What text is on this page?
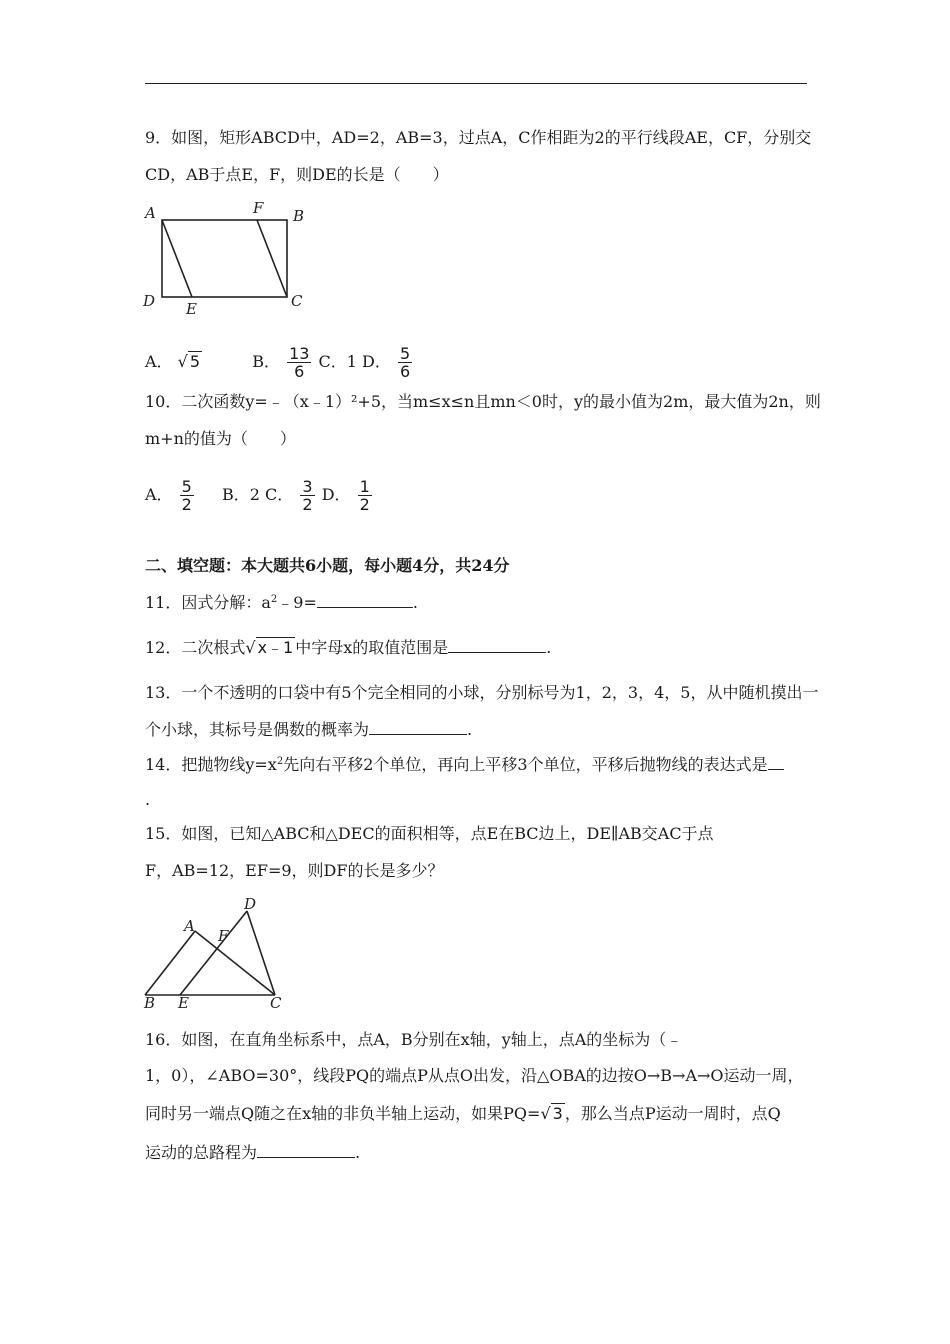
9．如图，矩形ABCD中，AD=2，AB=3，过点A，C作相距为2的平行线段AE，CF，分别交
CD，AB于点E，F，则DE的长是（　　）
A	F B
D E	C
A． √ 5	B． $\frac{13}{6}$ C．1 D． $\frac{5}{6}$
10．二次函数y=﹣（x﹣1）²+5，当m≤x≤n且mn＜0时，y的最小值为2m，最大值为2n，则
m+n的值为（　　）
A． $\frac{5}{2}$ B．2 C． $\frac{3}{2}$ D． $\frac{1}{2}$
二、填空题：本大题共6小题，每小题4分，共24分
11．因式分解：$a^2﹣9=$	.
12．二次根式√ x﹣1 中字母x的取值范围是	.
13．一个不透明的口袋中有5个完全相同的小球，分别标号为1，2，3，4，5，从中随机摸出一
个小球，其标号是偶数的概率为	.
14．把抛物线$y=x^2$先向右平移2个单位，再向上平移3个单位，平移后抛物线的表达式是
.
15．如图，已知△ABC和△DEC的面积相等，点E在BC边上，DE∥AB交AC于点
F，AB=12，EF=9，则DF的长是多少？
A
F
D
B E	C
16．如图，在直角坐标系中，点A，B分别在x轴，y轴上，点A的坐标为（﹣
1，0），∠ABO=30°，线段PQ的端点P从点O出发，沿△OBA的边按O→B→A→O运动一周，
同时另一端点Q随之在x轴的非负半轴上运动，如果PQ=√ 3 ，那么当点P运动一周时，点Q
运动的总路程为	.
